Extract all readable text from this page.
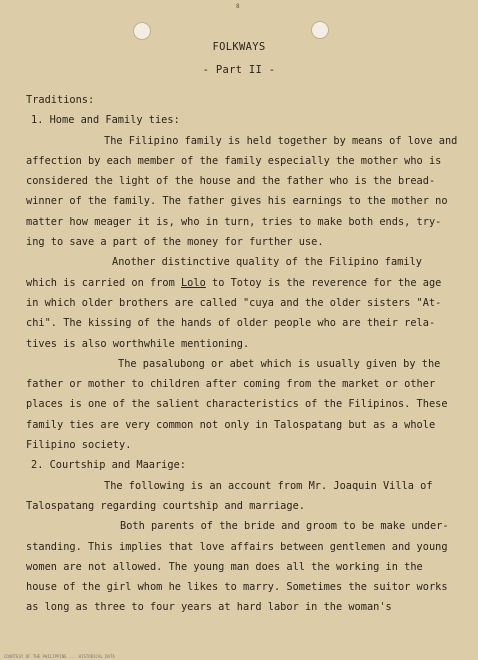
8
FOLKWAYS
- Part II -
Traditions:
1. Home and Family ties:
The Filipino family is held together by means of love and
affection by each member of the family especially the mother who is
considered the light of the house and the father who is the bread-
winner of the family. The father gives his earnings to the mother no
matter how meager it is, who in turn, tries to make both ends, try-
ing to save a part of the money for further use.
Another distinctive quality of the Filipino family
which is carried on from Lolo to Totoy is the reverence for the age
in which older brothers are called "cuya and the older sisters "At-
chi". The kissing of the hands of older people who are their rela-
tives is also worthwhile mentioning.
The pasalubong or abet which is usually given by the
father or mother to children after coming from the market or other
places is one of the salient characteristics of the Filipinos. These
family ties are very common not only in Talospatang but as a whole
Filipino society.
2. Courtship and Maarige:
The following is an account from Mr. Joaquin Villa of
Talospatang regarding courtship and marriage.
Both parents of the bride and groom to be make under-
standing. This implies that love affairs between gentlemen and young
women are not allowed. The young man does all the working in the
house of the girl whom he likes to marry. Sometimes the suitor works
as long as three to four years at hard labor in the woman's
COURTESY OF THE PHILIPPINE ... HISTORICAL DATA
